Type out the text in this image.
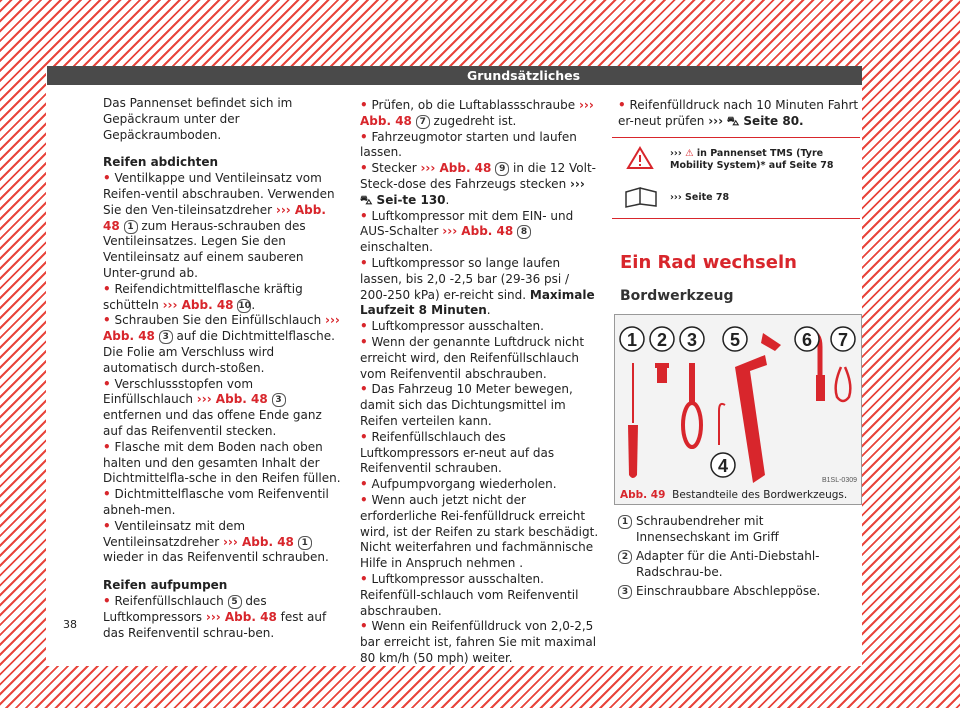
Grundsätzliches

Das Pannenset befindet sich im Gepäckraum unter der Gepäckraumboden.

Reifen abdichten

• Ventilkappe und Ventileinsatz vom Reifen-ventil abschrauben. Verwenden Sie den Ven-tileinsatzdreher ››› Abb. 48 1 zum Heraus-schrauben des Ventileinsatzes. Legen Sie den Ventileinsatz auf einem sauberen Unter-grund ab.

• Reifendichtmittelflasche kräftig schütteln ››› Abb. 48 10.

• Schrauben Sie den Einfüllschlauch ››› Abb. 48 3 auf die Dichtmittelflasche. Die Folie am Verschluss wird automatisch durch-stoßen.

• Verschlussstopfen vom Einfüllschlauch ››› Abb. 48 3 entfernen und das offene Ende ganz auf das Reifenventil stecken.

• Flasche mit dem Boden nach oben halten und den gesamten Inhalt der Dichtmittelfla-sche in den Reifen füllen.

• Dichtmittelflasche vom Reifenventil abneh-men.

• Ventileinsatz mit dem Ventileinsatzdreher ››› Abb. 48 1 wieder in das Reifenventil schrauben.

Reifen aufpumpen

• Reifenfüllschlauch 5 des Luftkompressors ››› Abb. 48 fest auf das Reifenventil schrau-ben.

• Prüfen, ob die Luftablassschraube ››› Abb. 48 7 zugedreht ist.

• Fahrzeugmotor starten und laufen lassen.

• Stecker ››› Abb. 48 9 in die 12 Volt-Steck-dose des Fahrzeugs stecken ››› ⛍ Sei-te 130.

• Luftkompressor mit dem EIN- und AUS-Schalter ››› Abb. 48 8 einschalten.

• Luftkompressor so lange laufen lassen, bis 2,0 -2,5 bar (29-36 psi / 200-250 kPa) er-reicht sind. Maximale Laufzeit 8 Minuten.

• Luftkompressor ausschalten.

• Wenn der genannte Luftdruck nicht erreicht wird, den Reifenfüllschlauch vom Reifenventil abschrauben.

• Das Fahrzeug 10 Meter bewegen, damit sich das Dichtungsmittel im Reifen verteilen kann.

• Reifenfüllschlauch des Luftkompressors er-neut auf das Reifenventil schrauben.

• Aufpumpvorgang wiederholen.

• Wenn auch jetzt nicht der erforderliche Rei-fenfülldruck erreicht wird, ist der Reifen zu stark beschädigt. Nicht weiterfahren und fachmännische Hilfe in Anspruch nehmen .

• Luftkompressor ausschalten. Reifenfüll-schlauch vom Reifenventil abschrauben.

• Wenn ein Reifenfülldruck von 2,0-2,5 bar erreicht ist, fahren Sie mit maximal 80 km/h (50 mph) weiter.

• Reifenfülldruck nach 10 Minuten Fahrt er-neut prüfen ››› ⛍ Seite 80.

››› ⚠ in Pannenset TMS (Tyre Mobility System)* auf Seite 78
››› Seite 78
Ein Rad wechseln
Bordwerkzeug
1 2 3 5	6 7
4
B1SL-0309
Abb. 49 Bestandteile des Bordwerkzeugs.
1 Schraubendreher mit Innensechskant im Griff
2 Adapter für die Anti-Diebstahl-Radschrau-be.
3 Einschraubbare Abschleppöse.
38
